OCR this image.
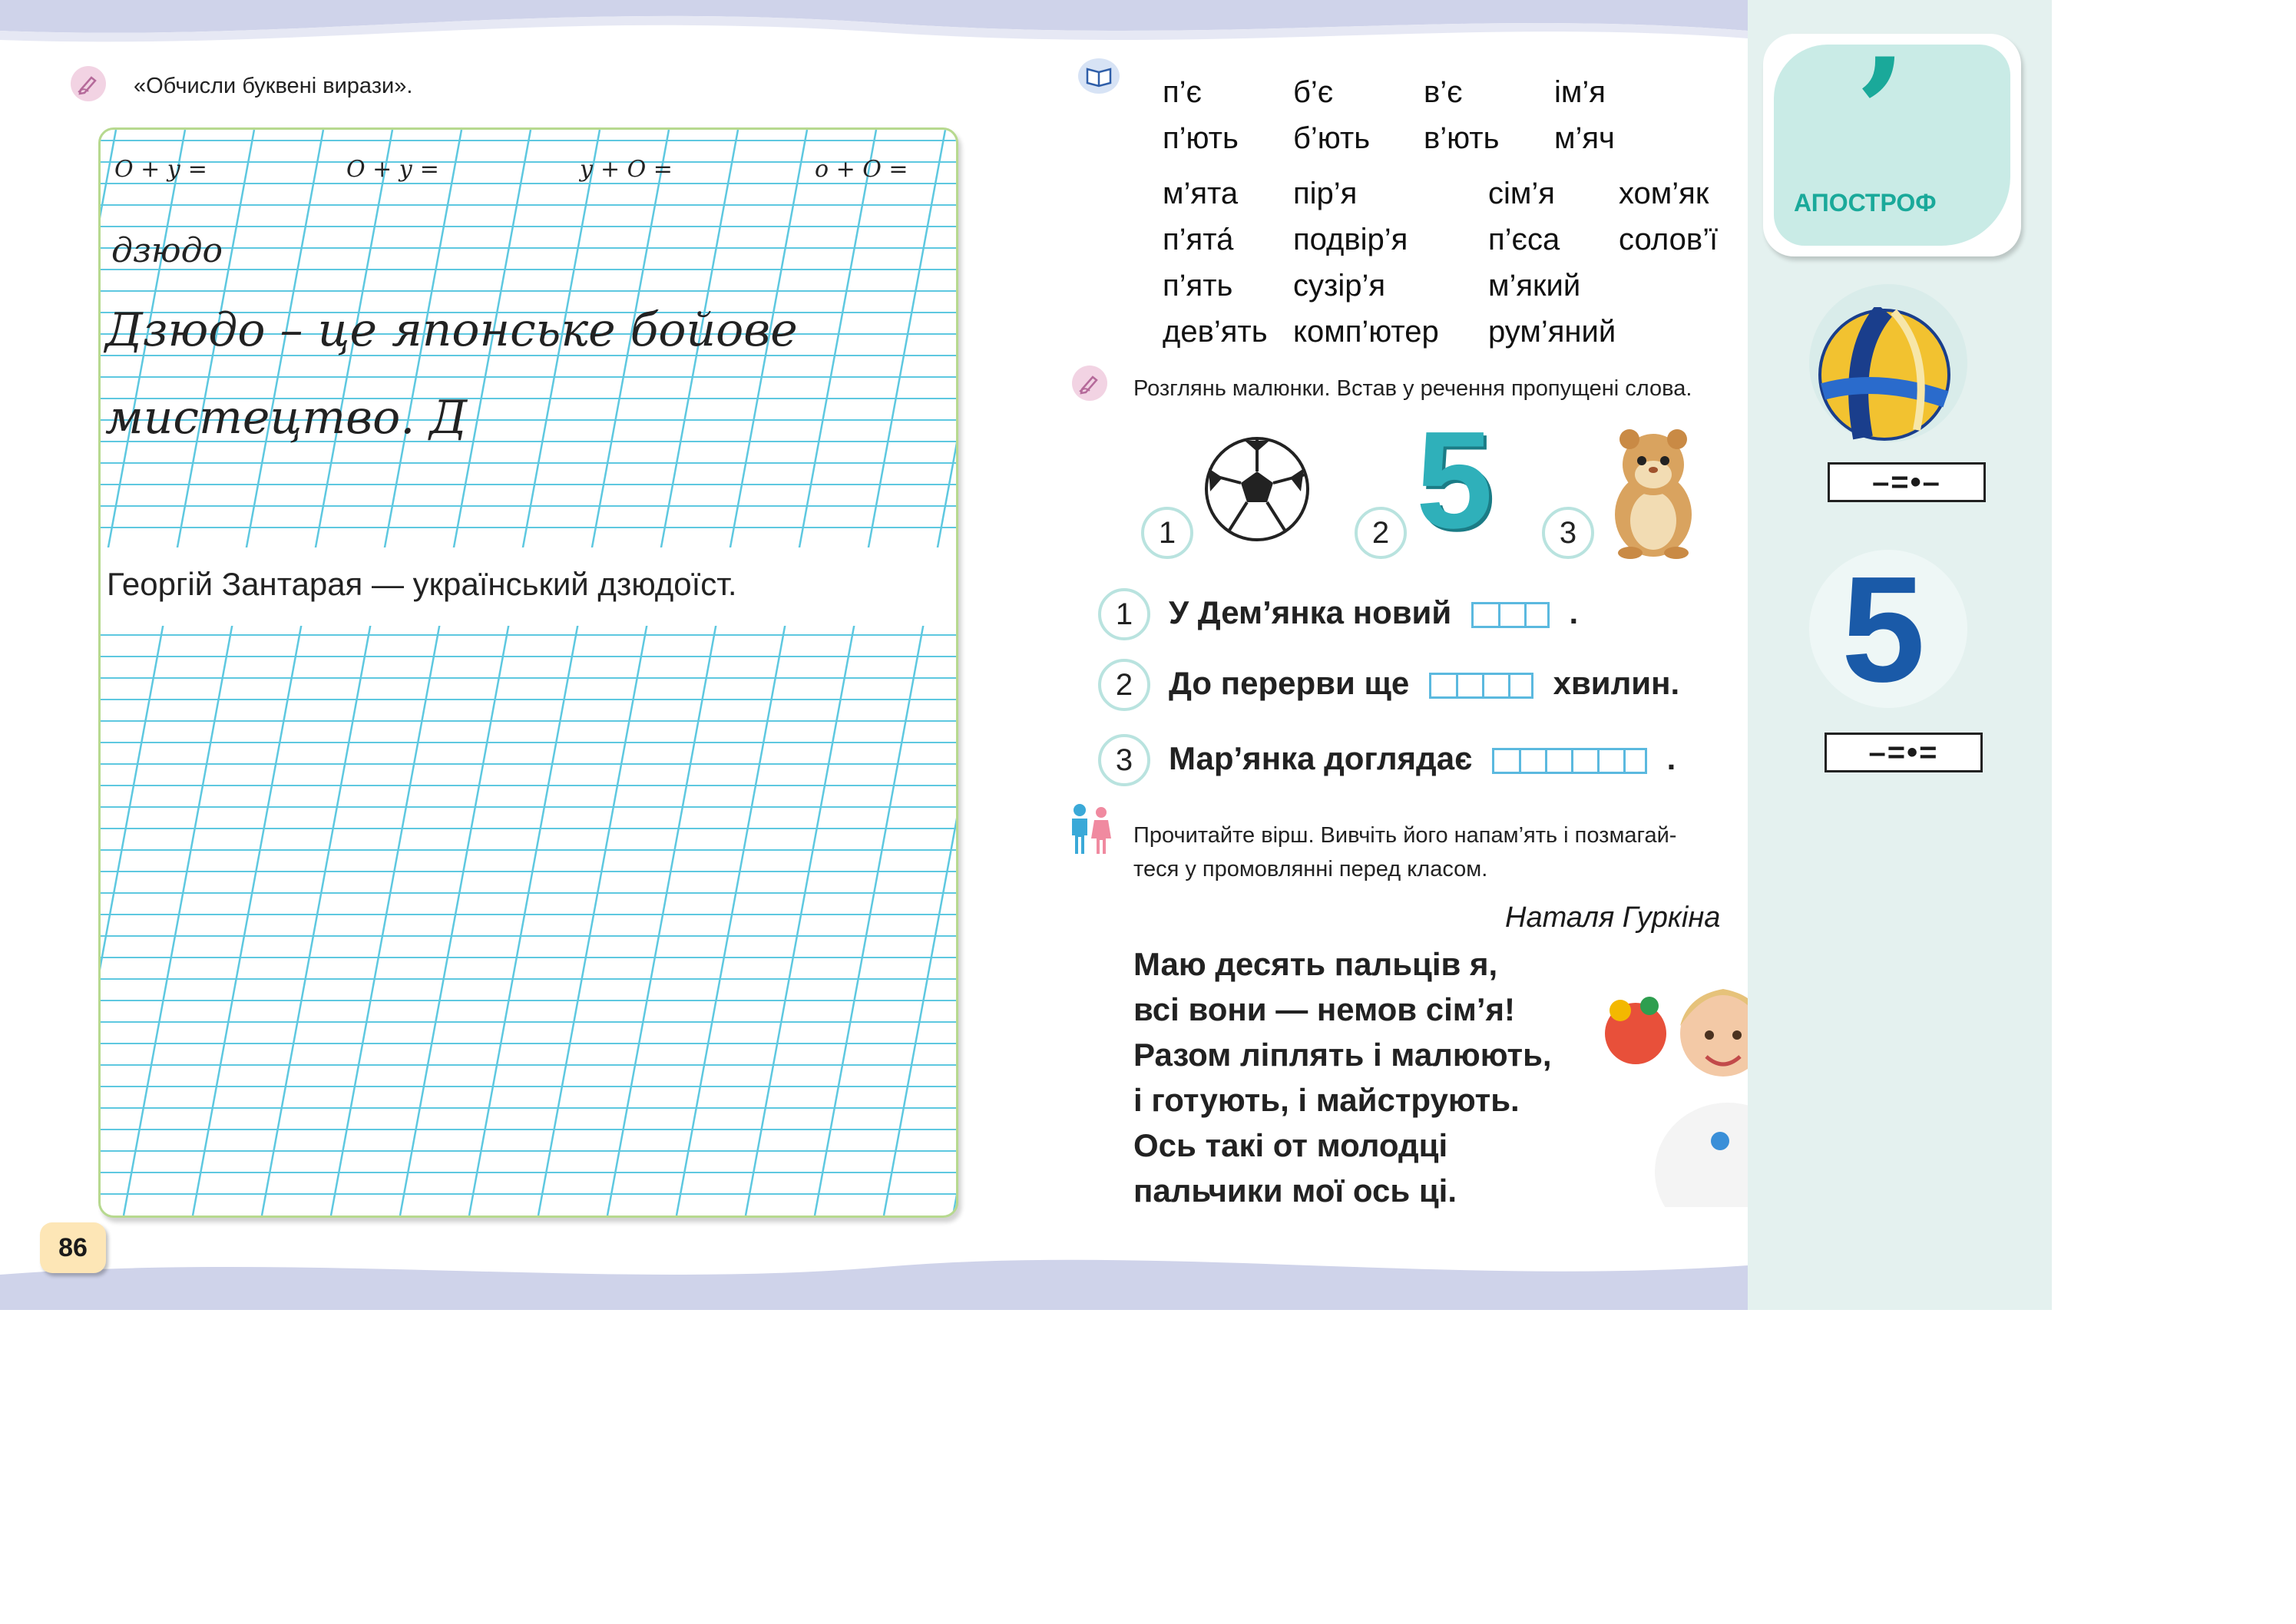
«Обчисли буквені вирази».
О + у =	О + у =	у + О =	о + О =
дзюдо
Дзюдо – це японське бойове
мистецтво. Д
Георгій Зантарая — український дзюдоїст.
86
п’є	б’є	в’є	ім’я
п’ють б’ють в’ють м’яч
м’ята пір’я	сім’я хом’як
п’ята́ подвір’я	п’єса солов’ї
п’ять сузір’я	м’який
дев’ять комп’ютер рум’яний
Розглянь малюнки. Встав у речення пропущені слова.
1	2 5	3
1	У Дем’янка новий	.
2	До перерви ще	хвилин.
3	Мар’янка доглядає	.
Прочитайте вірш. Вивчіть його напам’ять і позмагай-
теся у промовлянні перед класом.
Наталя Гуркіна
Маю десять пальців я,
всі вони — немов сім’я!
Разом ліплять і малюють,
і готують, і майструють.
Ось такі от молодці
пальчики мої ось ці.
’
АПОСТРОФ
–=•–
5
–=•=
